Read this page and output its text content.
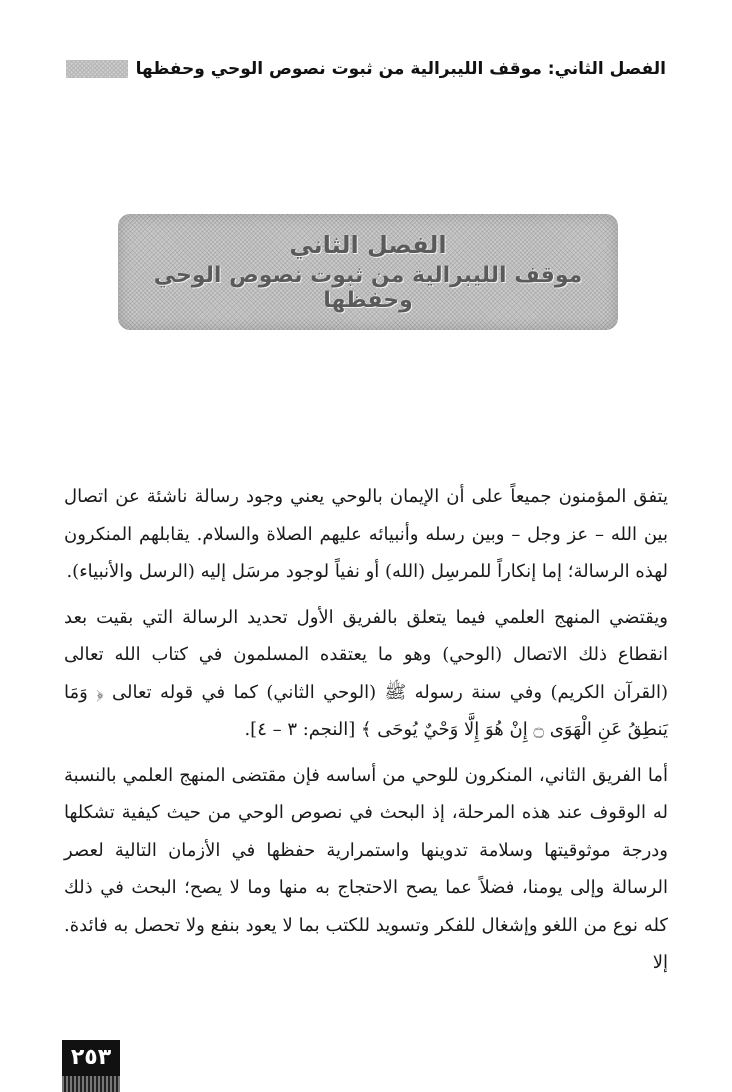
الفصل الثاني: موقف الليبرالية من ثبوت نصوص الوحي وحفظها
الفصل الثاني
موقف الليبرالية من ثبوت نصوص الوحي وحفظها

يتفق المؤمنون جميعاً على أن الإيمان بالوحي يعني وجود رسالة ناشئة عن اتصال بين الله – عز وجل – وبين رسله وأنبيائه عليهم الصلاة والسلام. يقابلهم المنكرون لهذه الرسالة؛ إما إنكاراً للمرسِل (الله) أو نفياً لوجود مرسَل إليه (الرسل والأنبياء).

ويقتضي المنهج العلمي فيما يتعلق بالفريق الأول تحديد الرسالة التي بقيت بعد انقطاع ذلك الاتصال (الوحي) وهو ما يعتقده المسلمون في كتاب الله تعالى (القرآن الكريم) وفي سنة رسوله ﷺ (الوحي الثاني) كما في قوله تعالى ﴿ وَمَا يَنطِقُ عَنِ الْهَوَى ۝ إِنْ هُوَ إِلَّا وَحْيٌ يُوحَى ﴾ [النجم: ٣ – ٤].

أما الفريق الثاني، المنكرون للوحي من أساسه فإن مقتضى المنهج العلمي بالنسبة له الوقوف عند هذه المرحلة، إذ البحث في نصوص الوحي من حيث كيفية تشكلها ودرجة موثوقيتها وسلامة تدوينها واستمرارية حفظها في الأزمان التالية لعصر الرسالة وإلى يومنا، فضلاً عما يصح الاحتجاج به منها وما لا يصح؛ البحث في ذلك كله نوع من اللغو وإشغال للفكر وتسويد للكتب بما لا يعود بنفع ولا تحصل به فائدة. إلا

٢٥٣
